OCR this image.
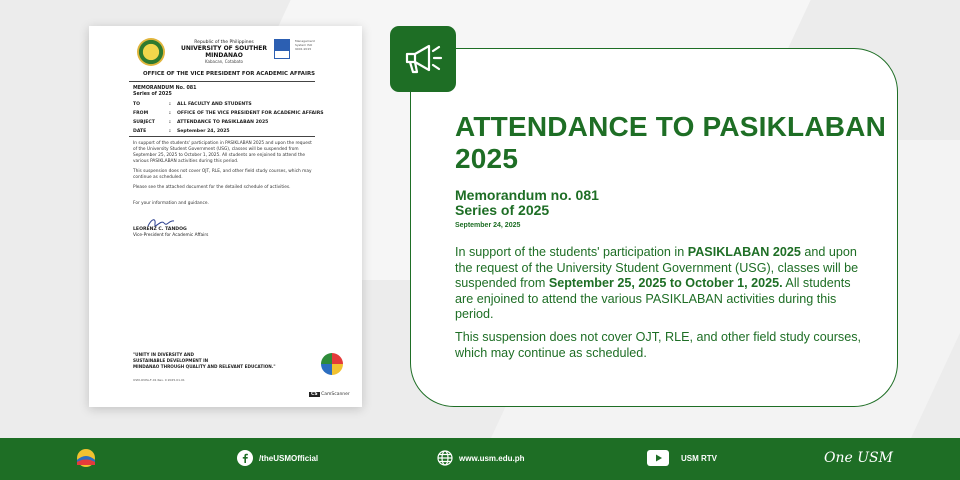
Republic of the Philippines
UNIVERSITY OF SOUTHER MINDANAO
Kabacan, Cotabato
Management System ISO 9001:2015
OFFICE OF THE VICE PRESIDENT FOR ACADEMIC AFFAIRS
MEMORANDUM No. 081
Series of 2025
TO	: ALL FACULTY AND STUDENTS
FROM	: OFFICE OF THE VICE PRESIDENT FOR ACADEMIC AFFAIRS
SUBJECT	: ATTENDANCE TO PASIKLABAN 2025
DATE	: September 24, 2025
In support of the students' participation in PASIKLABAN 2025 and upon the request of the University Student Government (USG), classes will be suspended from September 25, 2025 to October 1, 2025. All students are enjoined to attend the various PASIKLABAN activities during this period.
This suspension does not cover OJT, RLE, and other field study courses, which may continue as scheduled.
Please see the attached document for the detailed schedule of activities.
For your information and guidance.
LEORENZ C. TANDOG
Vice-President for Academic Affairs
"UNITY IN DIVERSITY AND
SUSTAINABLE DEVELOPMENT IN
MINDANAO THROUGH QUALITY AND RELEVANT EDUCATION."
USM-OVPA-F-01 Rev. 0 2025.01.01
CS CamScanner
ATTENDANCE TO PASIKLABAN 2025
Memorandum no. 081
Series of 2025
September 24, 2025
In support of the students' participation in PASIKLABAN 2025 and upon the request of the University Student Government (USG), classes will be suspended from September 25, 2025 to October 1, 2025. All students are enjoined to attend the various PASIKLABAN activities during this period.
This suspension does not cover OJT, RLE, and other field study courses, which may continue as scheduled.
/theUSMOfficial	www.usm.edu.ph	USM RTV	One USM
